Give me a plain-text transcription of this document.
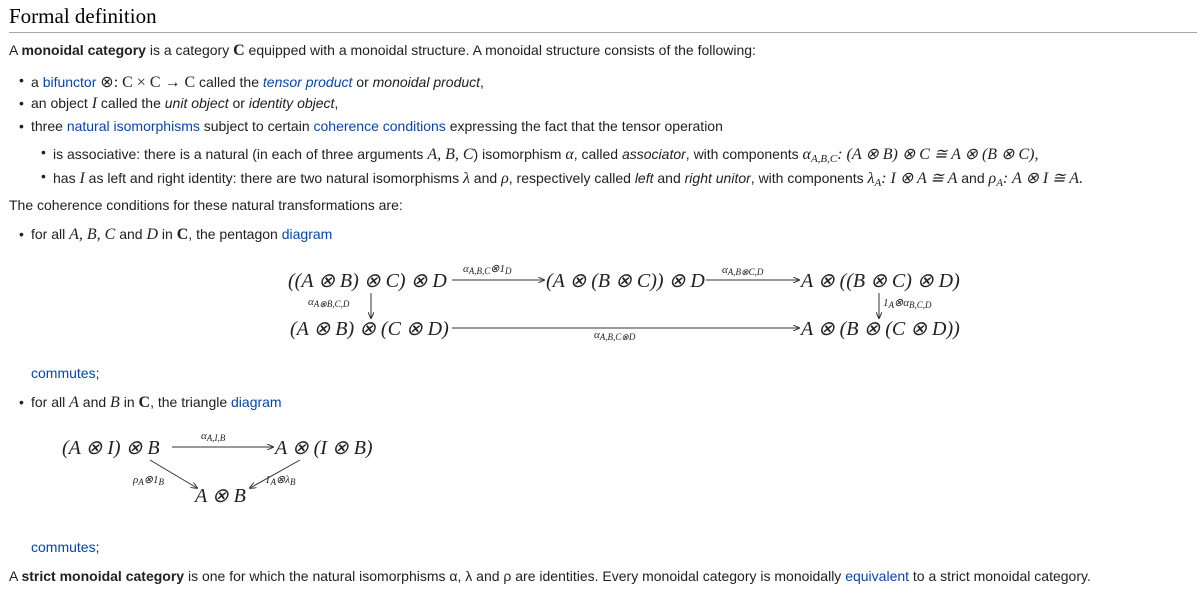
Formal definition
A monoidal category is a category C equipped with a monoidal structure. A monoidal structure consists of the following:
• a bifunctor ⊗: C × C → C called the tensor product or monoidal product,
• an object I called the unit object or identity object,
• three natural isomorphisms subject to certain coherence conditions expressing the fact that the tensor operation
• is associative: there is a natural (in each of three arguments A, B, C) isomorphism α, called associator, with components $\alpha_{A,B,C}$: (A ⊗ B) ⊗ C ≅ A ⊗ (B ⊗ C),
• has I as left and right identity: there are two natural isomorphisms λ and ρ, respectively called left and right unitor, with components $\lambda_A$: I ⊗ A ≅ A and $\rho_A$: A ⊗ I ≅ A.
The coherence conditions for these natural transformations are:
• for all A, B, C and D in C, the pentagon diagram
((A ⊗ B) ⊗ C) ⊗ D	(A ⊗ (B ⊗ C)) ⊗ D	A ⊗ ((B ⊗ C) ⊗ D)
(A ⊗ B) ⊗ (C ⊗ D)	A ⊗ (B ⊗ (C ⊗ D))
αA,B,C⊗1D	αA,B⊗C,D
αA⊗B,C,D	1A⊗αB,C,D
αA,B,C⊗D
commutes;
• for all A and B in C, the triangle diagram
(A ⊗ I) ⊗ B	A ⊗ (I ⊗ B)
A ⊗ B
αA,I,B
ρA⊗1B	1A⊗λB
commutes;
A strict monoidal category is one for which the natural isomorphisms α, λ and ρ are identities. Every monoidal category is monoidally equivalent to a strict monoidal category.
